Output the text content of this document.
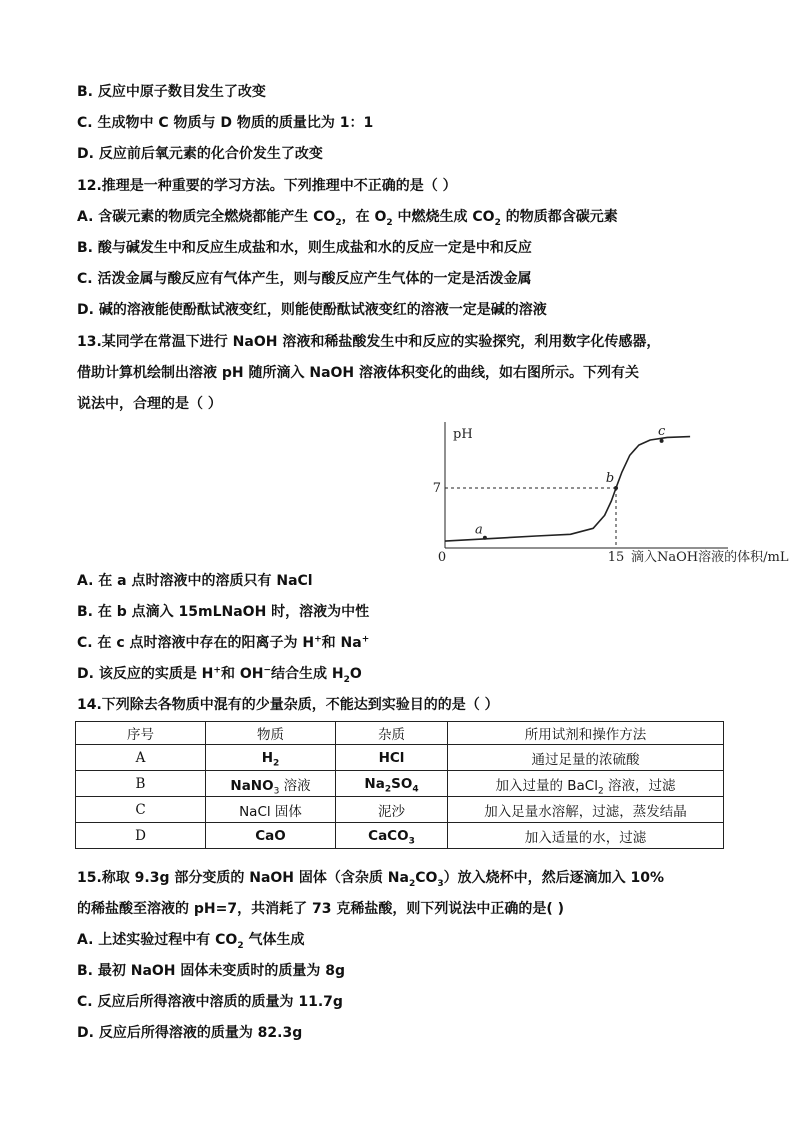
B. 反应中原子数目发生了改变
C. 生成物中 C 物质与 D 物质的质量比为 1：1
D. 反应前后氧元素的化合价发生了改变
12.推理是一种重要的学习方法。下列推理中不正确的是（ ）
A. 含碳元素的物质完全燃烧都能产生 $CO_2$，在 $O_2$ 中燃烧生成 $CO_2$ 的物质都含碳元素
B. 酸与碱发生中和反应生成盐和水，则生成盐和水的反应一定是中和反应
C. 活泼金属与酸反应有气体产生，则与酸反应产生气体的一定是活泼金属
D. 碱的溶液能使酚酞试液变红，则能使酚酞试液变红的溶液一定是碱的溶液
13.某同学在常温下进行 NaOH 溶液和稀盐酸发生中和反应的实验探究，利用数字化传感器，
借助计算机绘制出溶液 pH 随所滴入 NaOH 溶液体积变化的曲线，如右图所示。下列有关
说法中，合理的是（ ）
pH
滴入NaOH溶液的体积/mL
0	15
7
a
b
c
A. 在 a 点时溶液中的溶质只有 NaCl
B. 在 b 点滴入 15mLNaOH 时，溶液为中性
C. 在 c 点时溶液中存在的阳离子为 H+和 Na+
D. 该反应的实质是 H+和 OH−结合生成 $H_2O$
14.下列除去各物质中混有的少量杂质，不能达到实验目的的是（ ）
序号	物质	杂质	所用试剂和操作方法
A	$H_2$	HCl	通过足量的浓硫酸
B	NaNO$_3$ 溶液	$Na_2SO_4$	加入过量的 BaCl$_2$ 溶液，过滤
C	NaCl 固体	泥沙	加入足量水溶解，过滤，蒸发结晶
D	CaO	CaCO$_3$	加入适量的水，过滤
15.称取 9.3g 部分变质的 NaOH 固体（含杂质 $Na_2CO_3$）放入烧杯中，然后逐滴加入 10%
的稀盐酸至溶液的 pH=7，共消耗了 73 克稀盐酸，则下列说法中正确的是( )
A. 上述实验过程中有 $CO_2$ 气体生成
B. 最初 NaOH 固体未变质时的质量为 8g
C. 反应后所得溶液中溶质的质量为 11.7g
D. 反应后所得溶液的质量为 82.3g
